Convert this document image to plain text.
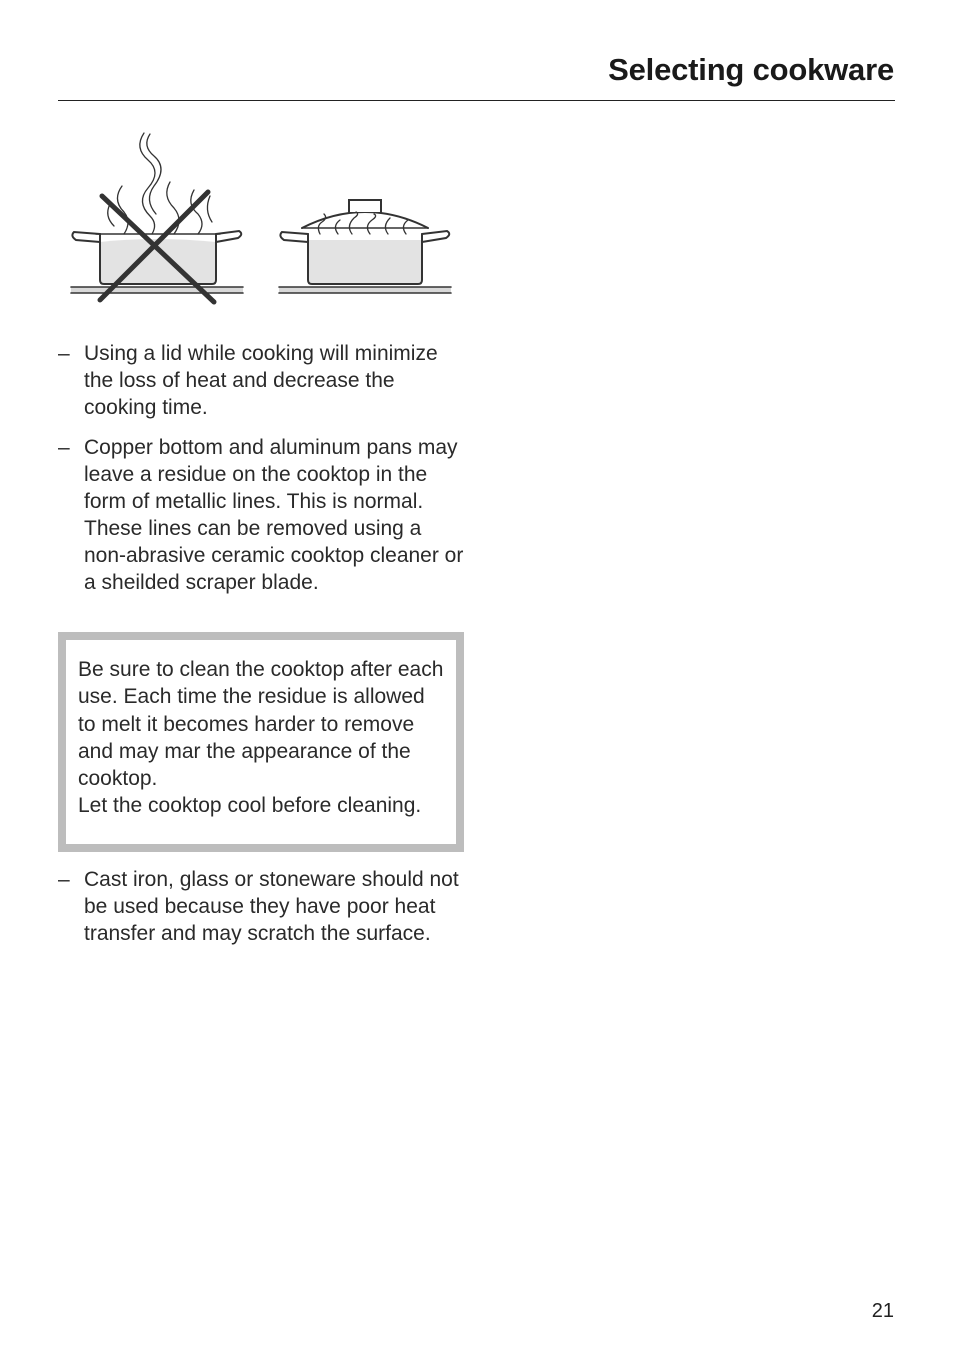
Selecting cookware

– Using a lid while cooking will minimize the loss of heat and decrease the cooking time.

– Copper bottom and aluminum pans may leave a residue on the cooktop in the form of metallic lines. This is normal. These lines can be removed using a non-abrasive ceramic cooktop cleaner or a sheilded scraper blade.

Be sure to clean the cooktop after each use. Each time the residue is allowed to melt it becomes harder to remove and may mar the appearance of the cooktop.

Let the cooktop cool before cleaning.

– Cast iron, glass or stoneware should not be used because they have poor heat transfer and may scratch the surface.

21
